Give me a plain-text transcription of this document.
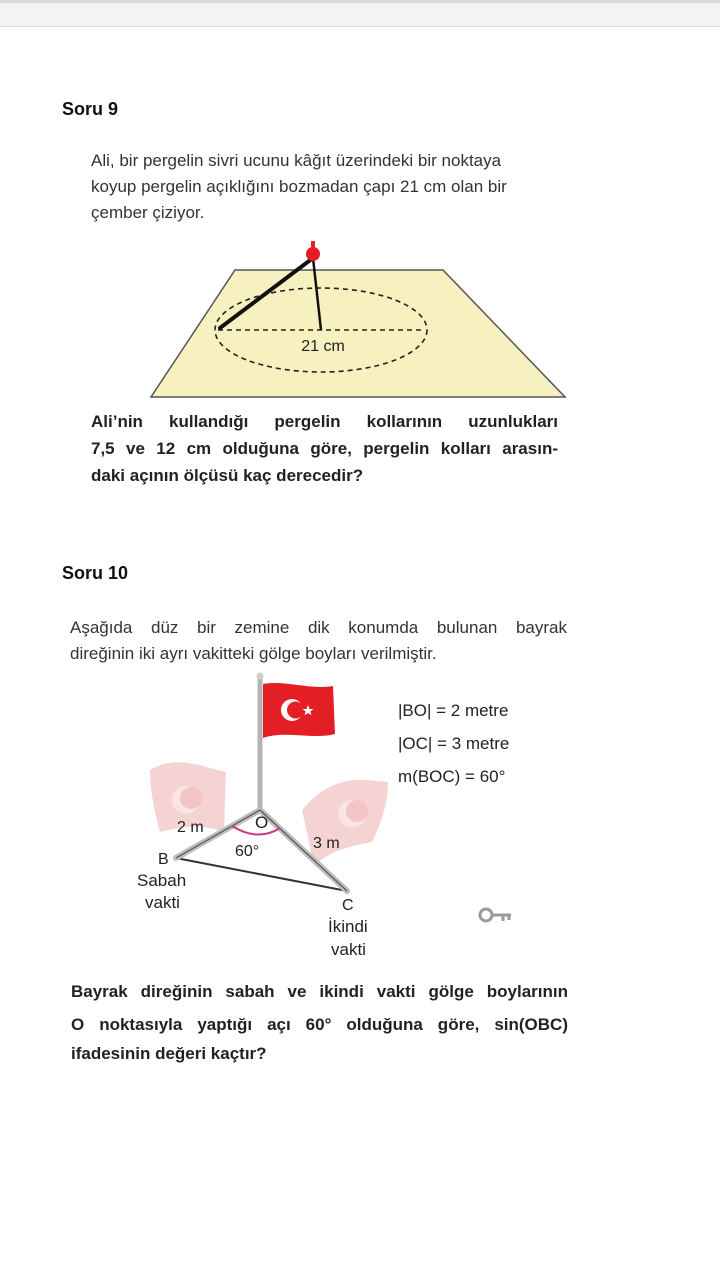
Soru 9
Ali, bir pergelin sivri ucunu kâğıt üzerindeki bir noktaya
koyup pergelin açıklığını bozmadan çapı 21 cm olan bir
çember çiziyor.
21 cm
Ali’nin kullandığı pergelin kollarının uzunlukları
7,5 ve 12 cm olduğuna göre, pergelin kolları arasın-
daki açının ölçüsü kaç derecedir?
Soru 10
Aşağıda düz bir zemine dik konumda bulunan bayrak
direğinin iki ayrı vakitteki gölge boyları verilmiştir.
O
2 m
60°	3 m
B
Sabah
vakti	C
İkindi
vakti
|BO| = 2 metre
|OC| = 3 metre
m(BOC) = 60°
Bayrak direğinin sabah ve ikindi vakti gölge boylarının
O noktasıyla yaptığı açı 60° olduğuna göre, sin(OBC)
ifadesinin değeri kaçtır?
